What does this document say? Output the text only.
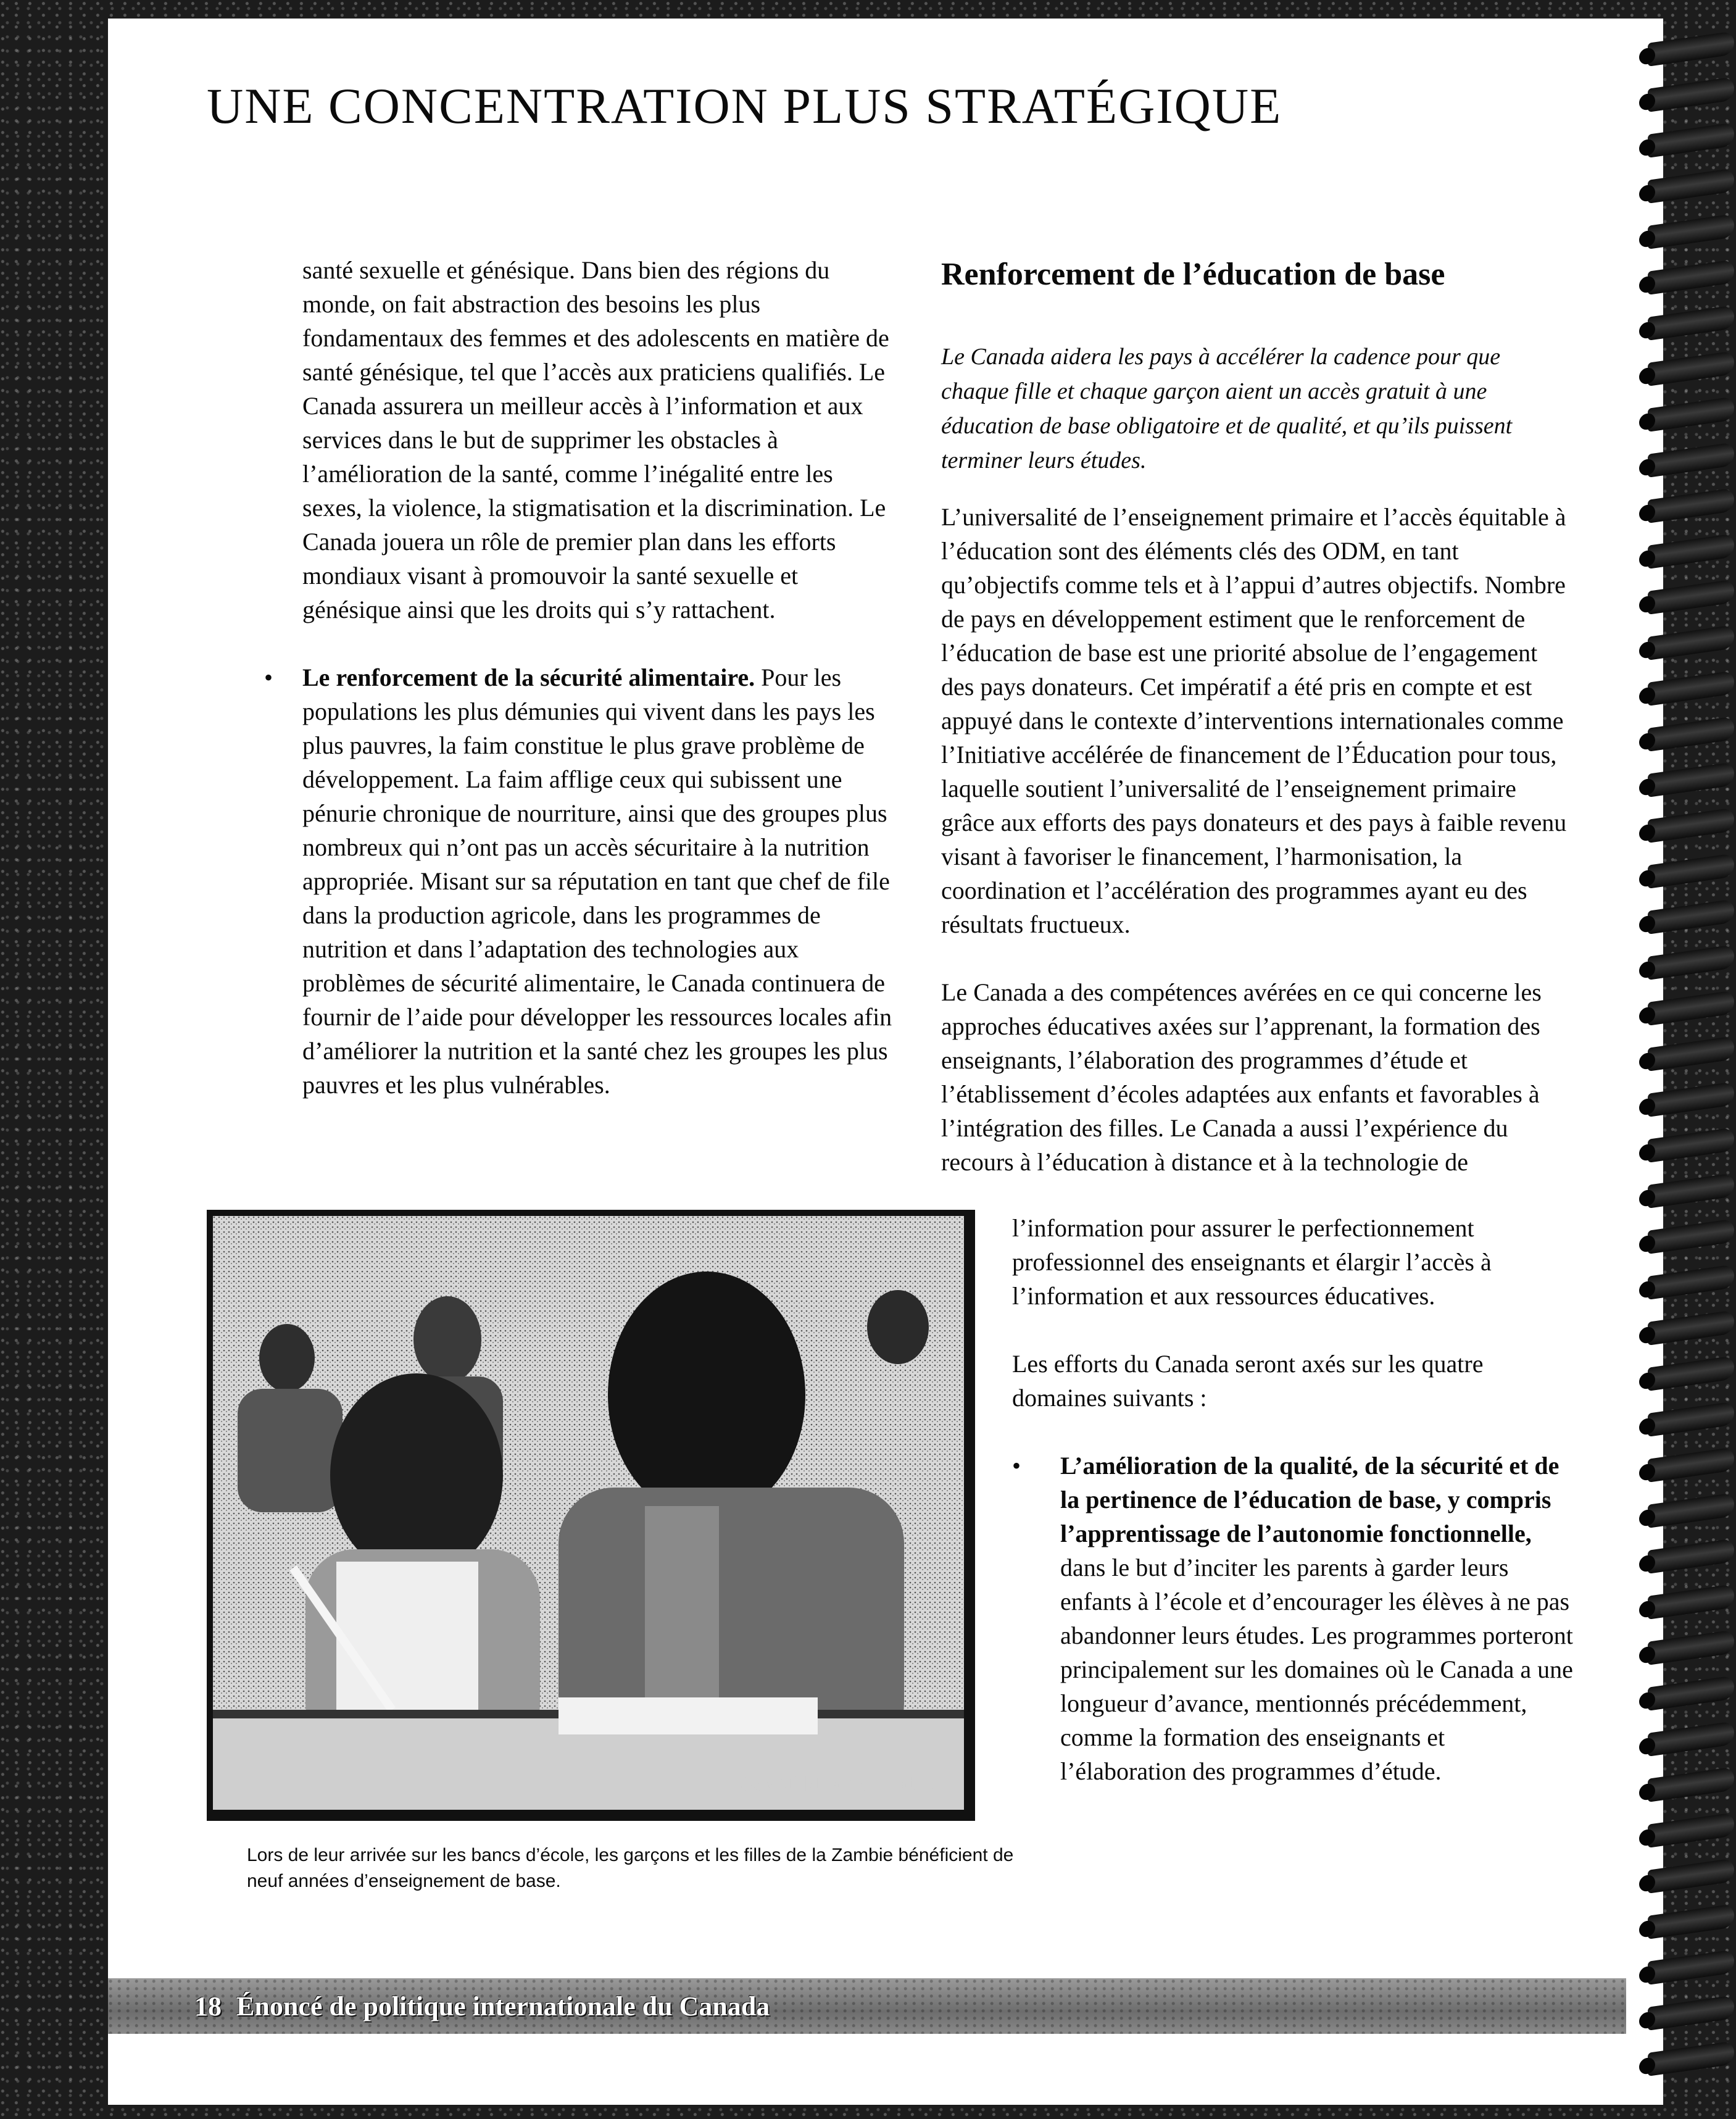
UNE CONCENTRATION PLUS STRATÉGIQUE

santé sexuelle et génésique. Dans bien des régions du monde, on fait abstraction des besoins les plus fondamentaux des femmes et des adolescents en matière de santé génésique, tel que l’accès aux praticiens qualifiés. Le Canada assurera un meilleur accès à l’information et aux services dans le but de supprimer les obstacles à l’amélioration de la santé, comme l’inégalité entre les sexes, la violence, la stigmatisation et la discrimination. Le Canada jouera un rôle de premier plan dans les efforts mondiaux visant à promouvoir la santé sexuelle et génésique ainsi que les droits qui s’y rattachent.

• Le renforcement de la sécurité alimentaire. Pour les populations les plus démunies qui vivent dans les pays les plus pauvres, la faim constitue le plus grave problème de développement. La faim afflige ceux qui subissent une pénurie chronique de nourriture, ainsi que des groupes plus nombreux qui n’ont pas un accès sécuritaire à la nutrition appropriée. Misant sur sa réputation en tant que chef de file dans la production agricole, dans les programmes de nutrition et dans l’adaptation des technologies aux problèmes de sécurité alimentaire, le Canada continuera de fournir de l’aide pour développer les ressources locales afin d’améliorer la nutrition et la santé chez les groupes les plus pauvres et les plus vulnérables.

Renforcement de l’éducation de base

Le Canada aidera les pays à accélérer la cadence pour que chaque fille et chaque garçon aient un accès gratuit à une éducation de base obligatoire et de qualité, et qu’ils puissent terminer leurs études.

L’universalité de l’enseignement primaire et l’accès équitable à l’éducation sont des éléments clés des ODM, en tant qu’objectifs comme tels et à l’appui d’autres objectifs. Nombre de pays en développement estiment que le renforcement de l’éducation de base est une priorité absolue de l’engagement des pays donateurs. Cet impératif a été pris en compte et est appuyé dans le contexte d’interventions internationales comme l’Initiative accélérée de financement de l’Éducation pour tous, laquelle soutient l’universalité de l’enseignement primaire grâce aux efforts des pays donateurs et des pays à faible revenu visant à favoriser le financement, l’harmonisation, la coordination et l’accélération des programmes ayant eu des résultats fructueux.

Le Canada a des compétences avérées en ce qui concerne les approches éducatives axées sur l’apprenant, la formation des enseignants, l’élaboration des programmes d’étude et l’établissement d’écoles adaptées aux enfants et favorables à l’intégration des filles. Le Canada a aussi l’expérience du recours à l’éducation à distance et à la technologie de

l’information pour assurer le perfectionnement professionnel des enseignants et élargir l’accès à l’information et aux ressources éducatives.

Les efforts du Canada seront axés sur les quatre domaines suivants :

• L’amélioration de la qualité, de la sécurité et de la pertinence de l’éducation de base, y compris l’apprentissage de l’autonomie fonctionnelle, dans le but d’inciter les parents à garder leurs enfants à l’école et d’encourager les élèves à ne pas abandonner leurs études. Les programmes porteront principalement sur les domaines où le Canada a une longueur d’avance, mentionnés précédemment, comme la formation des enseignants et l’élaboration des programmes d’étude.

©ACDI/David Trattles

Lors de leur arrivée sur les bancs d’école, les garçons et les filles de la Zambie bénéficient de neuf années d’enseignement de base.

18 Énoncé de politique internationale du Canada
